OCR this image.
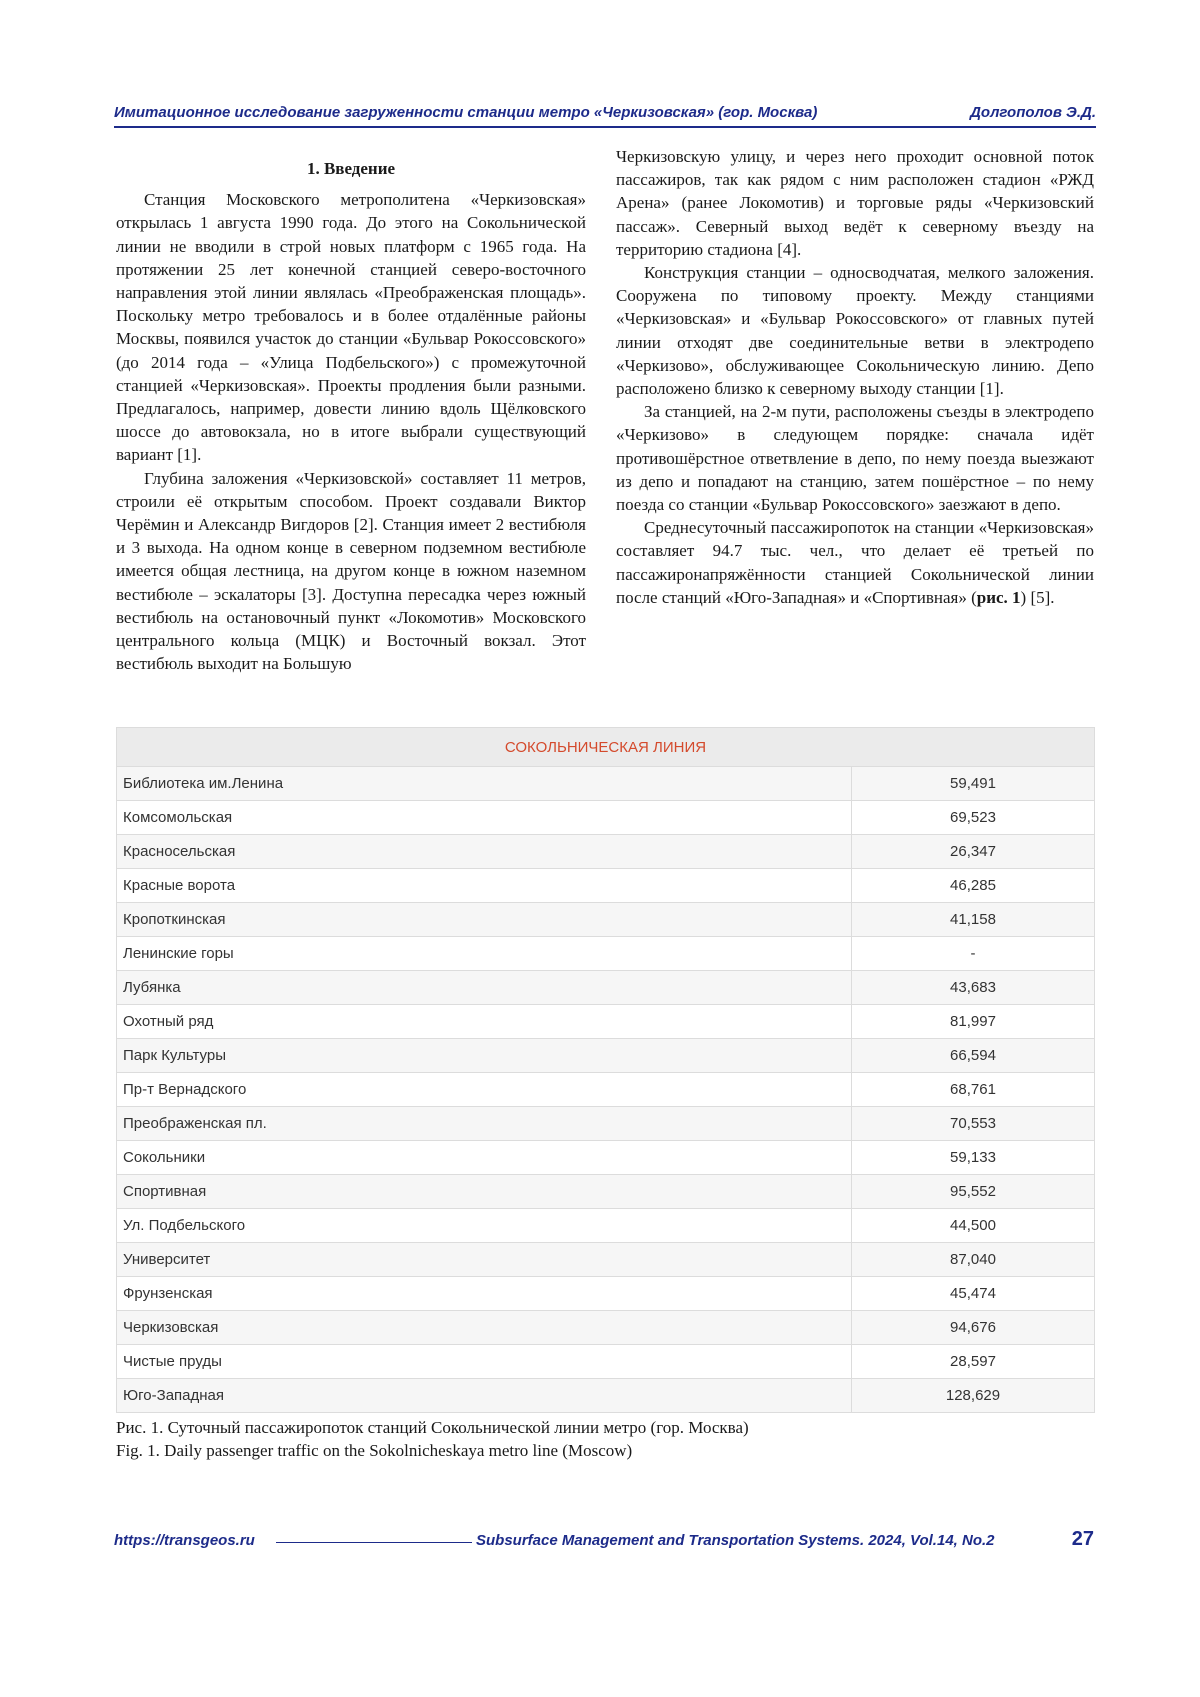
Имитационное исследование загруженности станции метро «Черкизовская» (гор. Москва)	Долгополов Э.Д.
1. Введение

Станция Московского метрополитена «Черкизовская» открылась 1 августа 1990 года. До этого на Сокольнической линии не вводили в строй новых платформ с 1965 года. На протяжении 25 лет конечной станцией северо-восточного направления этой линии являлась «Преображенская площадь». Поскольку метро требовалось и в более отдалённые районы Москвы, появился участок до станции «Бульвар Рокоссовского» (до 2014 года – «Улица Подбельского») с промежуточной станцией «Черкизовская». Проекты продления были разными. Предлагалось, например, довести линию вдоль Щёлковского шоссе до автовокзала, но в итоге выбрали существующий вариант [1].

Глубина заложения «Черкизовской» составляет 11 метров, строили её открытым способом. Проект создавали Виктор Черёмин и Александр Вигдоров [2]. Станция имеет 2 вестибюля и 3 выхода. На одном конце в северном подземном вестибюле имеется общая лестница, на другом конце в южном наземном вестибюле – эскалаторы [3]. Доступна пересадка через южный вестибюль на остановочный пункт «Локомотив» Московского центрального кольца (МЦК) и Восточный вокзал. Этот вестибюль выходит на Большую

Черкизовскую улицу, и через него проходит основной поток пассажиров, так как рядом с ним расположен стадион «РЖД Арена» (ранее Локомотив) и торговые ряды «Черкизовский пассаж». Северный выход ведёт к северному въезду на территорию стадиона [4].

Конструкция станции – односводчатая, мелкого заложения. Сооружена по типовому проекту. Между станциями «Черкизовская» и «Бульвар Рокоссовского» от главных путей линии отходят две соединительные ветви в электродепо «Черкизово», обслуживающее Сокольническую линию. Депо расположено близко к северному выходу станции [1].

За станцией, на 2-м пути, расположены съезды в электродепо «Черкизово» в следующем порядке: сначала идёт противошёрстное ответвление в депо, по нему поезда выезжают из депо и попадают на станцию, затем пошёрстное – по нему поезда со станции «Бульвар Рокоссовского» заезжают в депо.

Среднесуточный пассажиропоток на станции «Черкизовская» составляет 94.7 тыс. чел., что делает её третьей по пассажиронапряжённости станцией Сокольнической линии после станций «Юго-Западная» и «Спортивная» (рис. 1) [5].

СОКОЛЬНИЧЕСКАЯ ЛИНИЯ	
Библиотека им.Ленина	59,491
Комсомольская	69,523
Красносельская	26,347
Красные ворота	46,285
Кропоткинская	41,158
Ленинские горы	-
Лубянка	43,683
Охотный ряд	81,997
Парк Культуры	66,594
Пр-т Вернадского	68,761
Преображенская пл.	70,553
Сокольники	59,133
Спортивная	95,552
Ул. Подбельского	44,500
Университет	87,040
Фрунзенская	45,474
Черкизовская	94,676
Чистые пруды	28,597
Юго-Западная	128,629
Рис. 1. Суточный пассажиропоток станций Сокольнической линии метро (гор. Москва)
Fig. 1. Daily passenger traffic on the Sokolnicheskaya metro line (Moscow)
https://transgeos.ru	Subsurface Management and Transportation Systems. 2024, Vol.14, No.2	27
